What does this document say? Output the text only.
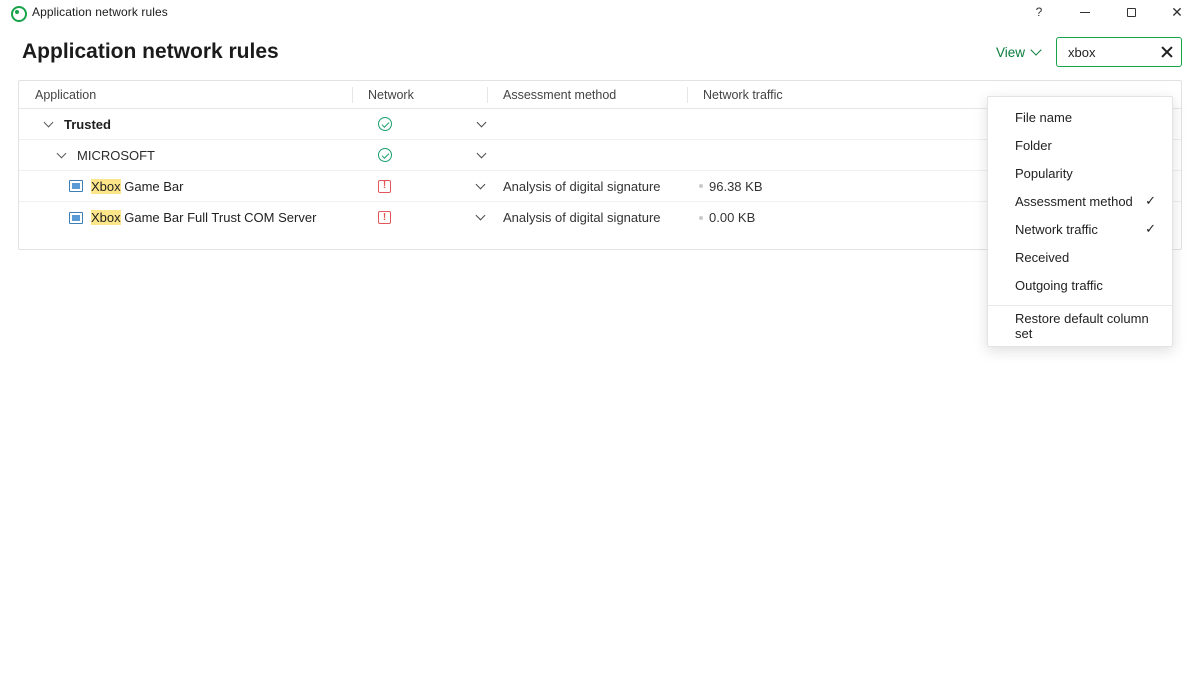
Application network rules	?	✕
Application network rules	View
xbox
Application	Network	Assessment method	Network traffic
Trusted
MICROSOFT
Xbox Game Bar	!	Analysis of digital signature	96.38 KB
Xbox Game Bar Full Trust COM Server	!	Analysis of digital signature	0.00 KB
File name
Folder
Popularity
Assessment method ✓
Network traffic	✓
Received
Outgoing traffic
Restore default column set
